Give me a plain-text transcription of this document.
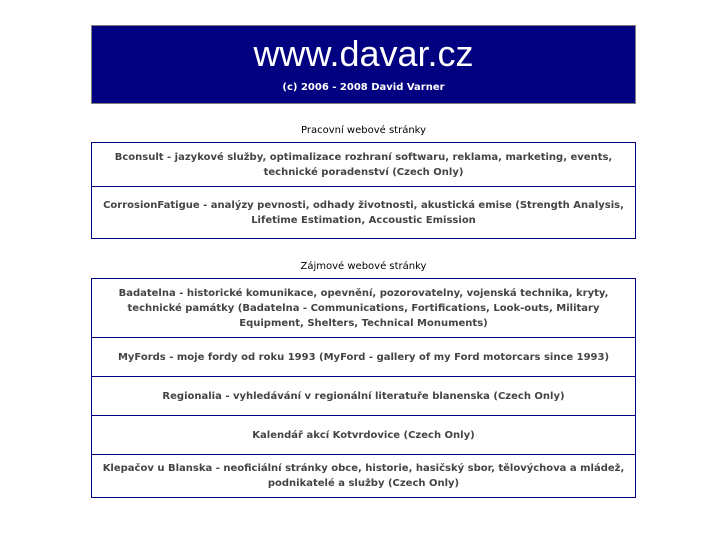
www.davar.cz
(c) 2006 - 2008 David Varner
Pracovní webové stránky
Bconsult - jazykové služby, optimalizace rozhraní softwaru, reklama, marketing, events, technické poradenství (Czech Only)
CorrosionFatigue - analýzy pevnosti, odhady životnosti, akustická emise (Strength Analysis, Lifetime Estimation, Accoustic Emission
Zájmové webové stránky
Badatelna - historické komunikace, opevnění, pozorovatelny, vojenská technika, kryty, technické památky (Badatelna - Communications, Fortifications, Look-outs, Military Equipment, Shelters, Technical Monuments)
MyFords - moje fordy od roku 1993 (MyFord - gallery of my Ford motorcars since 1993)
Regionalia - vyhledávání v regionální literatuře blanenska (Czech Only)
Kalendář akcí Kotvrdovice (Czech Only)
Klepačov u Blanska - neoficiální stránky obce, historie, hasičský sbor, tělovýchova a mládež, podnikatelé a služby (Czech Only)
